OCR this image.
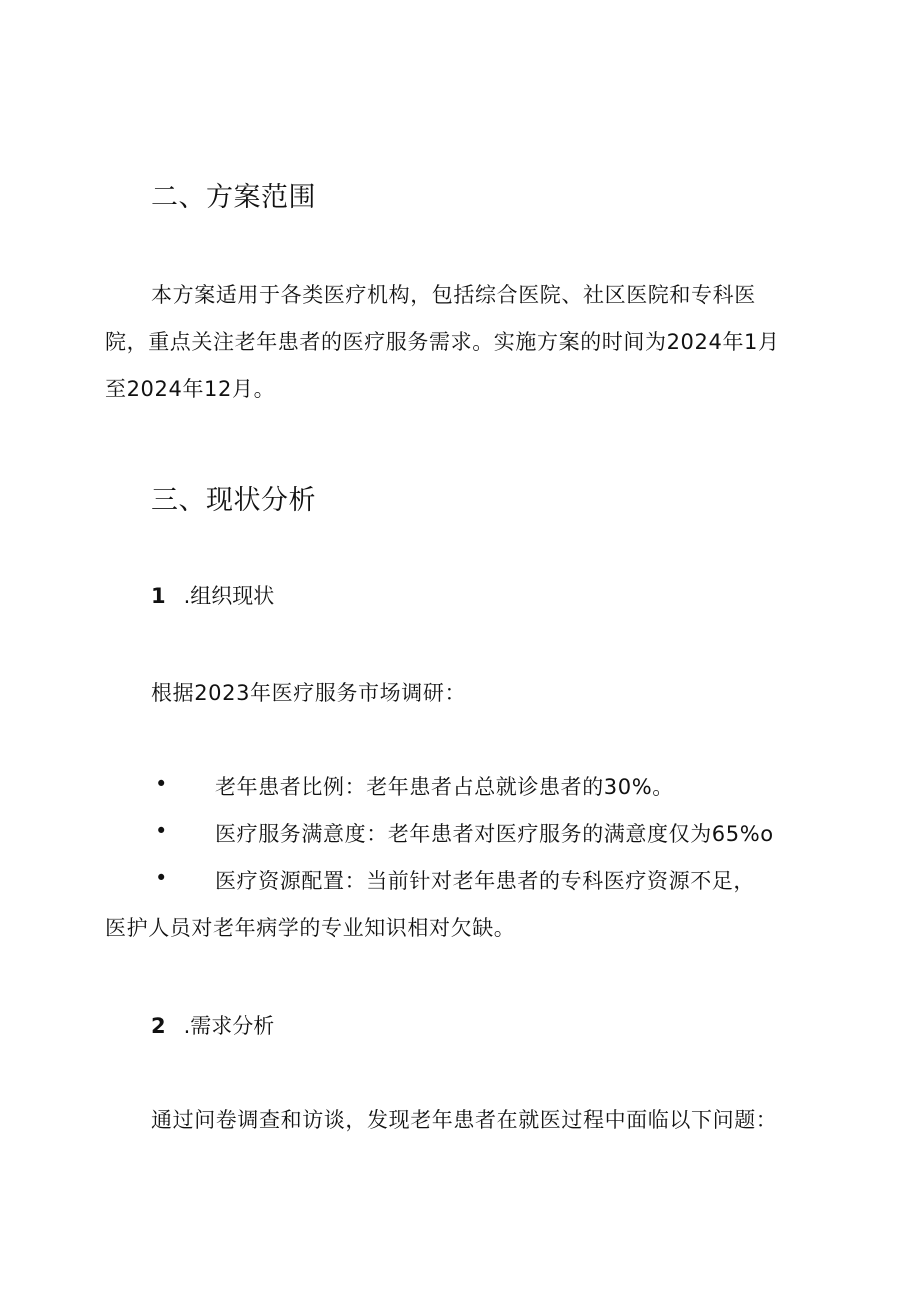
二、方案范围

本方案适用于各类医疗机构，包括综合医院、社区医院和专科医

院，重点关注老年患者的医疗服务需求。实施方案的时间为2024年1月

至2024年12月。

三、现状分析
1 .组织现状

根据2023年医疗服务市场调研：

• 老年患者比例：老年患者占总就诊患者的30%。

• 医疗服务满意度：老年患者对医疗服务的满意度仅为65%o

• 医疗资源配置：当前针对老年患者的专科医疗资源不足，

医护人员对老年病学的专业知识相对欠缺。

2 .需求分析

通过问卷调查和访谈，发现老年患者在就医过程中面临以下问题：
